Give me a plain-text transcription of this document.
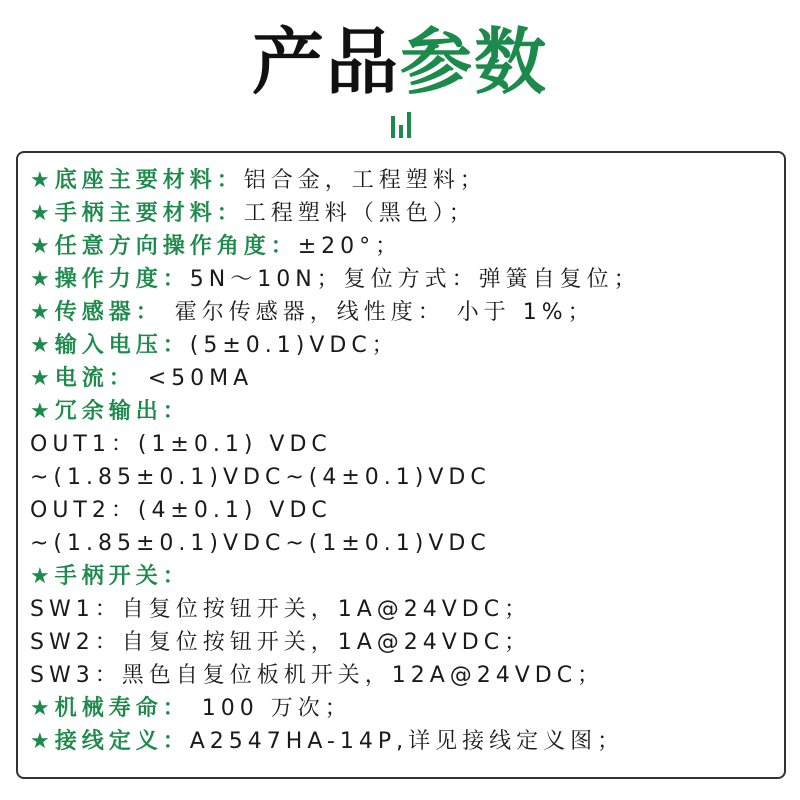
产品参数
★底座主要材料：铝合金，工程塑料；
★手柄主要材料：工程塑料（黑色）；
★任意方向操作角度：±20°；
★操作力度：5N～10N；复位方式：弹簧自复位；
★传感器： 霍尔传感器，线性度： 小于 1%；
★输入电压：(5±0.1)VDC；
★电流： <50MA
★冗余输出：
OUT1：(1±0.1) VDC
~(1.85±0.1)VDC~(4±0.1)VDC
OUT2：(4±0.1) VDC
~(1.85±0.1)VDC~(1±0.1)VDC
★手柄开关：
SW1：自复位按钮开关，1A@24VDC；
SW2：自复位按钮开关，1A@24VDC；
SW3：黑色自复位板机开关，12A@24VDC；
★机械寿命： 100 万次；
★接线定义：A2547HA-14P,详见接线定义图；
